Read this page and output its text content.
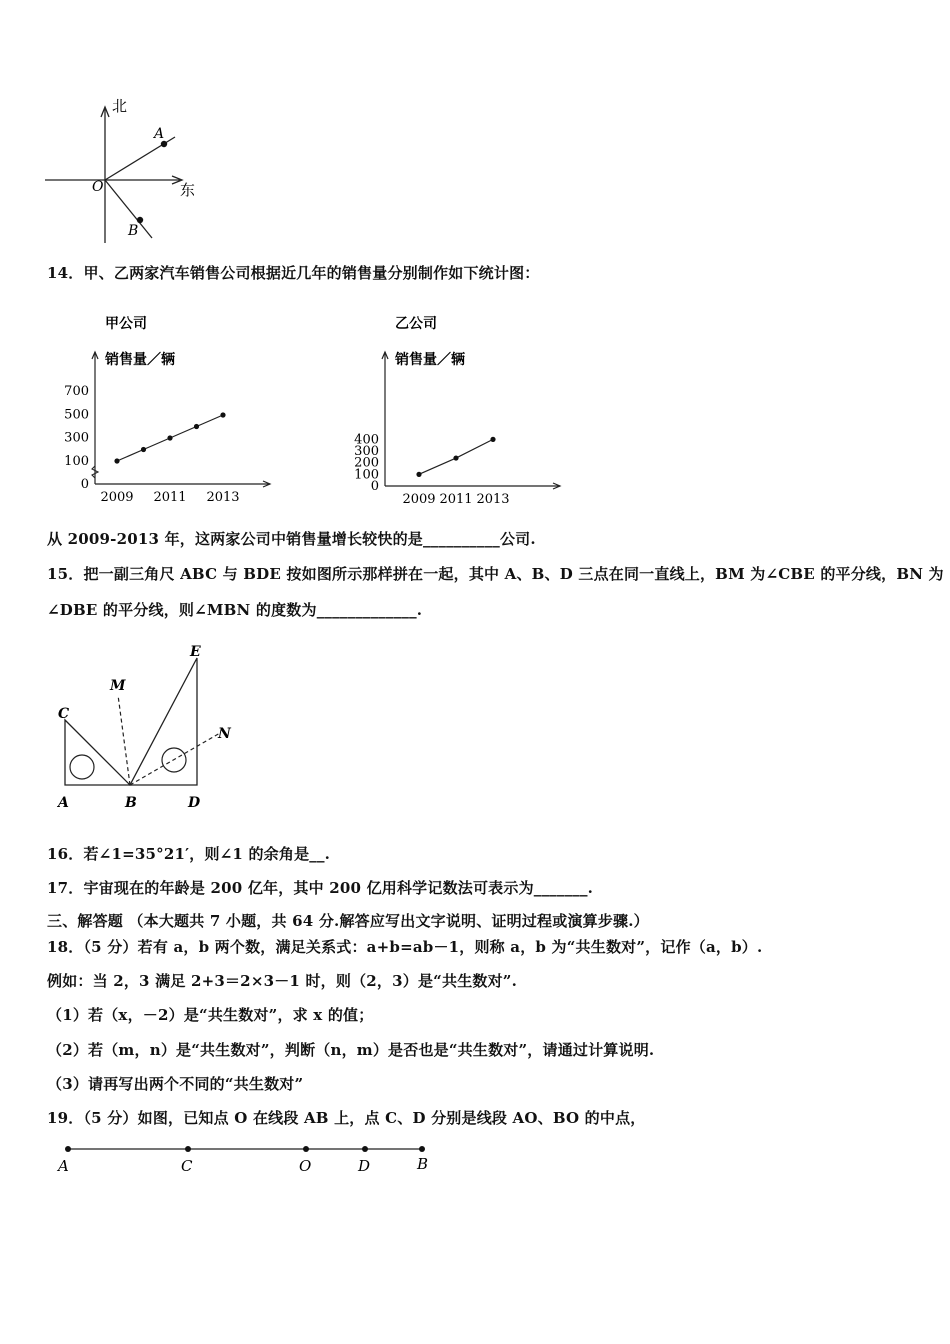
北
东
O
A
B
14．甲、乙两家汽车销售公司根据近几年的销售量分别制作如下统计图：
甲公司
销售量／辆
0
100
300
500
700
2009 2011 2013
乙公司
销售量／辆
0
100
200
300
400
2009 2011 2013
从 2009-2013 年，这两家公司中销售量增长较快的是__________公司.
15．把一副三角尺 ABC 与 BDE 按如图所示那样拼在一起，其中 A、B、D 三点在同一直线上，BM 为∠CBE 的平分线，BN 为
∠DBE 的平分线，则∠MBN 的度数为_____________.
A	B
C
D
E
M
N
16．若∠1=35°21′，则∠1 的余角是__.
17．宇宙现在的年龄是 200 亿年，其中 200 亿用科学记数法可表示为_______.
三、解答题 （本大题共 7 小题，共 64 分.解答应写出文字说明、证明过程或演算步骤.）
18．（5 分）若有 a，b 两个数，满足关系式：a+b=ab－1，则称 a，b 为“共生数对”，记作（a，b）.
例如：当 2，3 满足 2+3＝2×3－1 时，则（2，3）是“共生数对”.
（1）若（x，－2）是“共生数对”，求 x 的值；
（2）若（m，n）是“共生数对”，判断（n，m）是否也是“共生数对”，请通过计算说明.
（3）请再写出两个不同的“共生数对”
19．（5 分）如图，已知点 O 在线段 AB 上，点 C、D 分别是线段 AO、BO 的中点，
A	C	O	D	B
